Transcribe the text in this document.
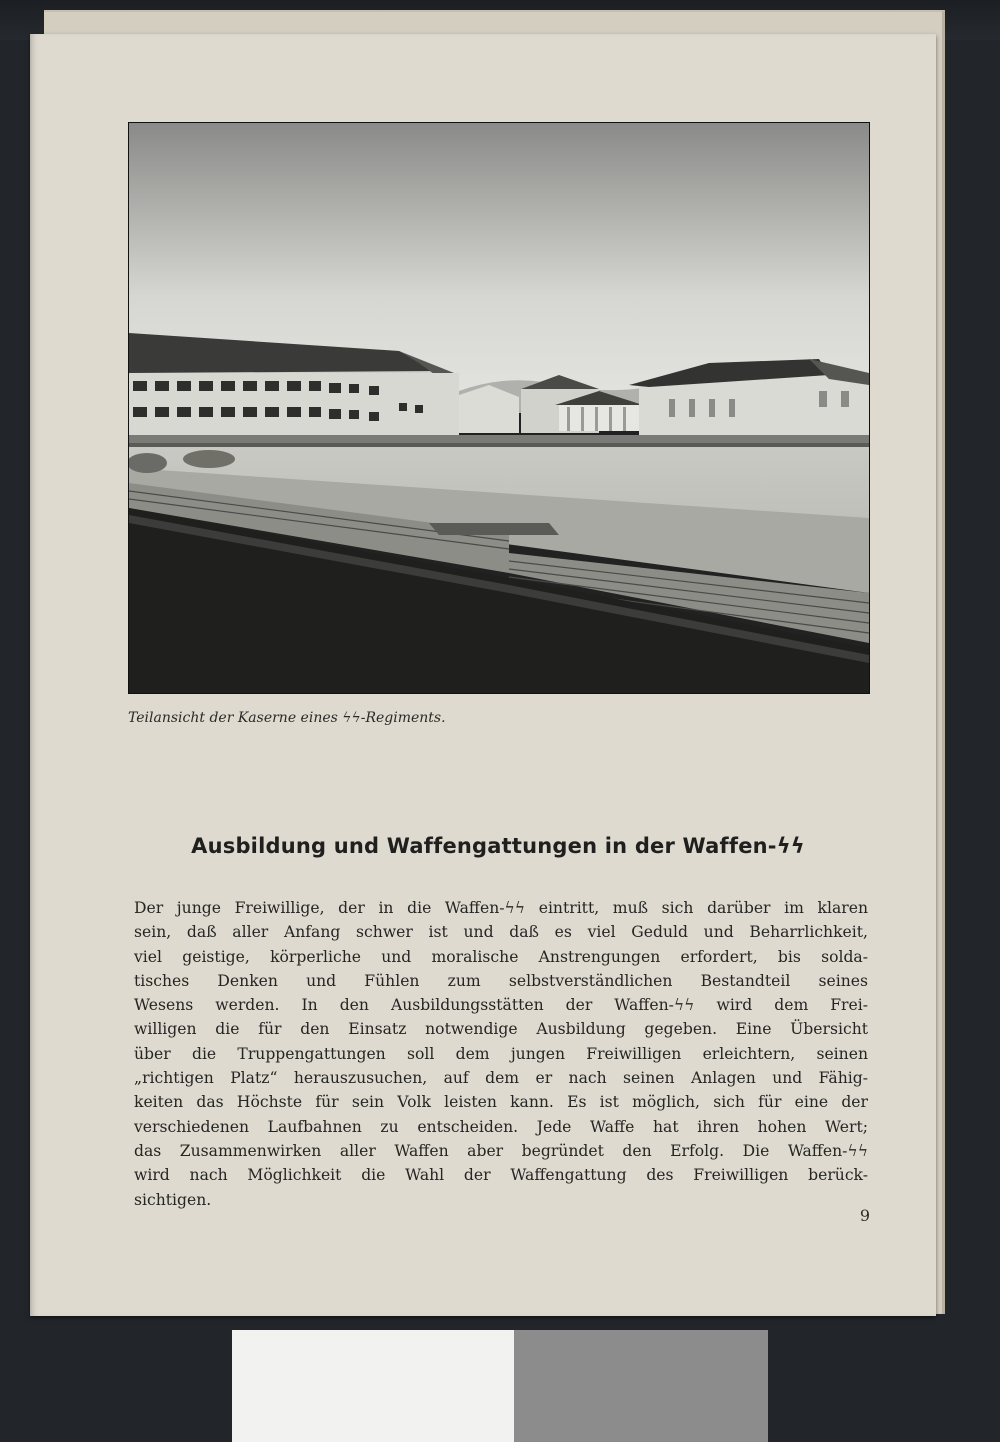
Teilansicht der Kaserne eines ϟϟ-Regiments.
Ausbildung und Waffengattungen in der Waffen-ϟϟ
Der junge Freiwillige, der in die Waffen-ϟϟ eintritt, muß sich darüber im klaren
sein, daß aller Anfang schwer ist und daß es viel Geduld und Beharrlichkeit,
viel geistige, körperliche und moralische Anstrengungen erfordert, bis solda-
tisches Denken und Fühlen zum selbstverständlichen Bestandteil seines
Wesens werden. In den Ausbildungsstätten der Waffen-ϟϟ wird dem Frei-
willigen die für den Einsatz notwendige Ausbildung gegeben. Eine Übersicht
über die Truppengattungen soll dem jungen Freiwilligen erleichtern, seinen
„richtigen Platz“ herauszusuchen, auf dem er nach seinen Anlagen und Fähig-
keiten das Höchste für sein Volk leisten kann. Es ist möglich, sich für eine der
verschiedenen Laufbahnen zu entscheiden. Jede Waffe hat ihren hohen Wert;
das Zusammenwirken aller Waffen aber begründet den Erfolg. Die Waffen-ϟϟ
wird nach Möglichkeit die Wahl der Waffengattung des Freiwilligen berück-
sichtigen.
9
